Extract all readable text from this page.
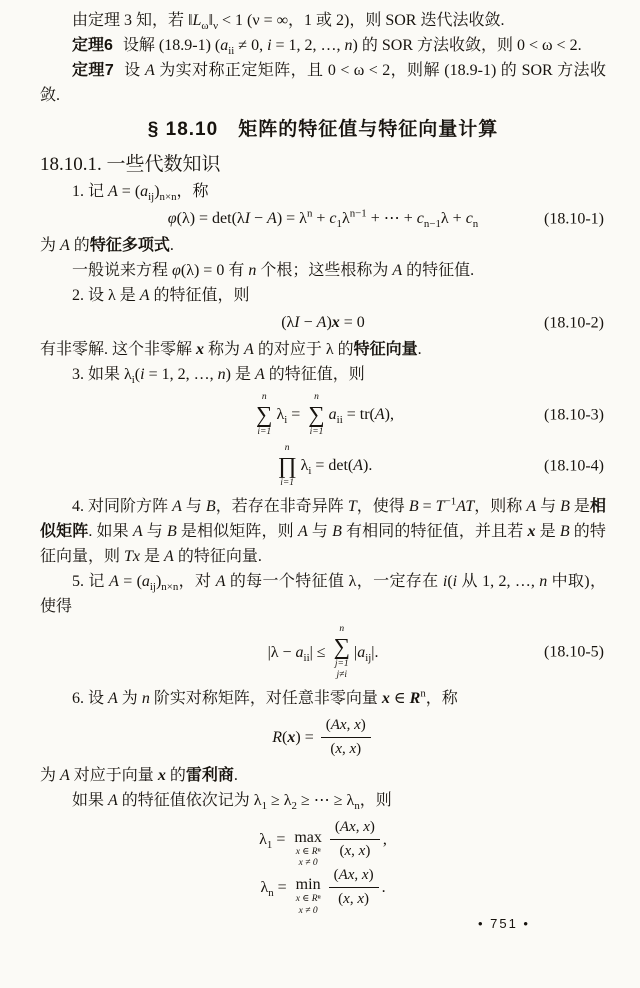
由定理 3 知，若 $‖L_\omega‖_\nu < 1$ (ν = ∞，1 或 2)，则 SOR 迭代法收敛.

定理6 设解 (18.9-1) ($a_{ii} \ne 0$, i = 1, 2, …, n) 的 SOR 方法收敛，则 0 < ω < 2.

定理7 设 A 为实对称正定矩阵，且 0 < ω < 2，则解 (18.9-1) 的 SOR 方法收敛.

§ 18.10　矩阵的特征值与特征向量计算
18.10.1. 一些代数知识

1. 记 $A = (a_{ij})_{n\times n}$，称

$\varphi(\lambda) = \det(\lambda I - A) = \lambda^n + c_1\lambda^{n-1}$ + ⋯ + $c_{n-1}\lambda + c_n$	(18.10-1)

为 A 的特征多项式.

一般说来方程 φ(λ) = 0 有 n 个根；这些根称为 A 的特征值.

2. 设 λ 是 A 的特征值，则

(λI − A)x = 0	(18.10-2)

有非零解. 这个非零解 x 称为 A 的对应于 λ 的特征向量.

3. 如果 $\lambda_i(i = 1$, 2, …, n) 是 A 的特征值，则

n
∑
i=1
$\lambda_i$ =
n
∑
i=1
$a_{ii} = tr(A)$,	(18.10-3)
n
∏
i=1
$\lambda_i = \det(A)$.	(18.10-4)

4. 对同阶方阵 A 与 B，若存在非奇异阵 T，使得 $B = T^{-1}AT$，则称 A 与 B 是相似矩阵. 如果 A 与 B 是相似矩阵，则 A 与 B 有相同的特征值，并且若 x 是 B 的特征向量，则 Tx 是 A 的特征向量.

5. 记 $A = (a_{ij})_{n\times n}$，对 A 的每一个特征值 λ，一定存在 i(i 从 1, 2, …, n 中取)，使得

$|\lambda - a_{ii}|$ ≤
n
∑
j=1
j≠i
$|a_{ij}|$.	(18.10-5)

6. 设 A 为 n 阶实对称矩阵，对任意非零向量 x ∈ $R^n$，称

$R(x) = \frac{(Ax, x)}{(x, x)}$

为 A 对应于向量 x 的雷利商.

如果 A 的特征值依次记为 $\lambda_1 \ge \lambda_2$ ≥ ⋯ ≥ $\lambda_n$，则

$\lambda_1 = \max$
x ∈ Rⁿ
x ≠ 0
$\frac{(Ax, x)}{(x, x)}$ ,
$\lambda_n = \min$
x ∈ Rⁿ
x ≠ 0
$\frac{(Ax, x)}{(x, x)}$ .

• 751 •
